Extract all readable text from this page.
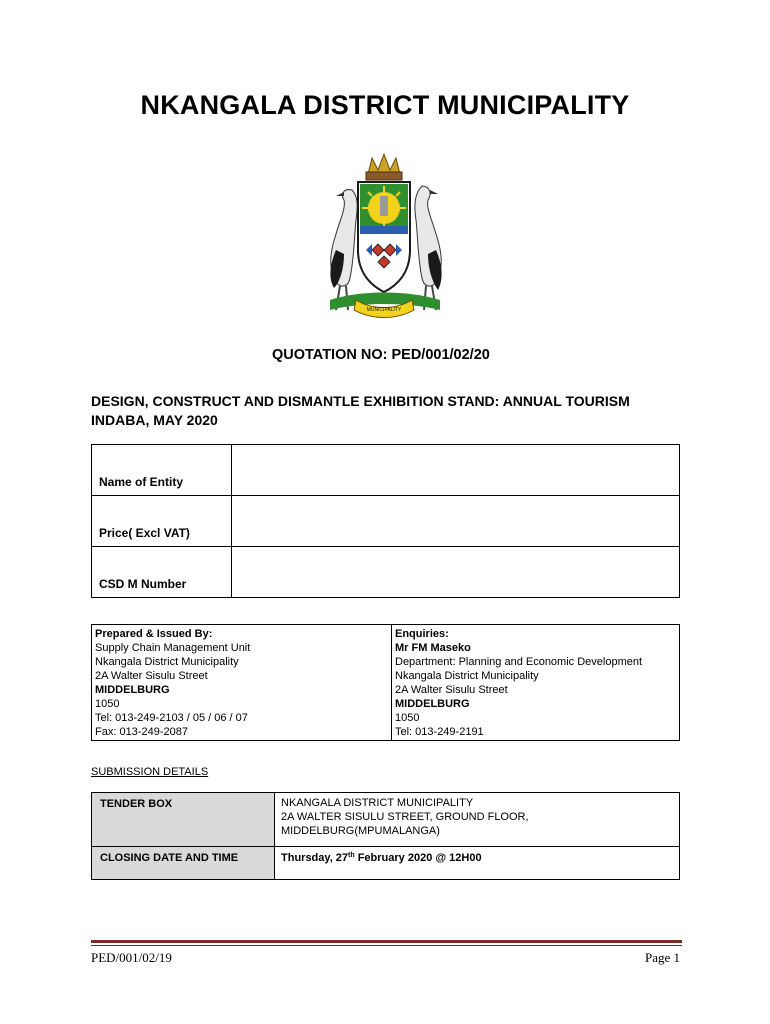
NKANGALA DISTRICT MUNICIPALITY
MUNICIPALITY
QUOTATION NO: PED/001/02/20
DESIGN, CONSTRUCT AND DISMANTLE EXHIBITION STAND: ANNUAL TOURISM INDABA, MAY 2020
Name of Entity	
Price( Excl VAT)	
CSD M Number	
Prepared & Issued By:
Supply Chain Management Unit
Nkangala District Municipality
2A Walter Sisulu Street
MIDDELBURG
1050
Tel: 013-249-2103 / 05 / 06 / 07
Fax: 013-249-2087

Enquiries:
Mr FM Maseko
Department: Planning and Economic Development
Nkangala District Municipality
2A Walter Sisulu Street
MIDDELBURG
1050
Tel: 013-249-2191
SUBMISSION DETAILS
TENDER BOX	NKANGALA DISTRICT MUNICIPALITY
2A WALTER SISULU STREET, GROUND FLOOR,
MIDDELBURG(MPUMALANGA)

CLOSING DATE AND TIME	Thursday, 27th February 2020 @ 12H00
PED/001/02/19	Page 1
